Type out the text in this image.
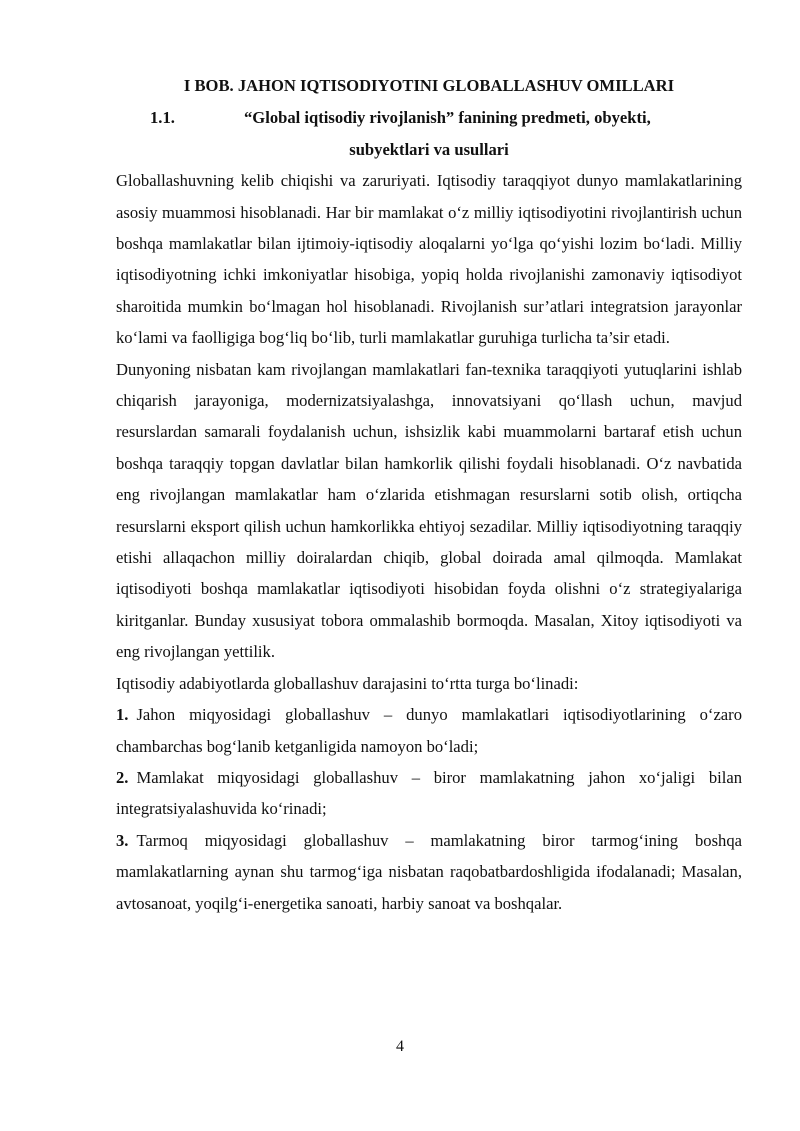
I BOB. JAHON IQTISODIYOTINI GLOBALLASHUV OMILLARI
1.1.	“Global iqtisodiy rivojlanish” fanining predmeti, obyekti,
subyektlari va usullari

Globallashuvning kelib chiqishi va zaruriyati. Iqtisodiy taraqqiyot dunyo mamlakatlarining asosiy muammosi hisoblanadi. Har bir mamlakat o‘z milliy iqtisodiyotini rivojlantirish uchun boshqa mamlakatlar bilan ijtimoiy-iqtisodiy aloqalarni yo‘lga qo‘yishi lozim bo‘ladi. Milliy iqtisodiyotning ichki imkoniyatlar hisobiga, yopiq holda rivojlanishi zamonaviy iqtisodiyot sharoitida mumkin bo‘lmagan hol hisoblanadi. Rivojlanish sur’atlari integratsion jarayonlar ko‘lami va faolligiga bog‘liq bo‘lib, turli mamlakatlar guruhiga turlicha ta’sir etadi.

Dunyoning nisbatan kam rivojlangan mamlakatlari fan-texnika taraqqiyoti yutuqlarini ishlab chiqarish jarayoniga, modernizatsiyalashga, innovatsiyani qo‘llash uchun, mavjud resurslardan samarali foydalanish uchun, ishsizlik kabi muammolarni bartaraf etish uchun boshqa taraqqiy topgan davlatlar bilan hamkorlik qilishi foydali hisoblanadi. O‘z navbatida eng rivojlangan mamlakatlar ham o‘zlarida etishmagan resurslarni sotib olish, ortiqcha resurslarni eksport qilish uchun hamkorlikka ehtiyoj sezadilar. Milliy iqtisodiyotning taraqqiy etishi allaqachon milliy doiralardan chiqib, global doirada amal qilmoqda. Mamlakat iqtisodiyoti boshqa mamlakatlar iqtisodiyoti hisobidan foyda olishni o‘z strategiyalariga kiritganlar. Bunday xususiyat tobora ommalashib bormoqda. Masalan, Xitoy iqtisodiyoti va eng rivojlangan yettilik.

Iqtisodiy adabiyotlarda globallashuv darajasini to‘rtta turga bo‘linadi:

1. Jahon miqyosidagi globallashuv – dunyo mamlakatlari iqtisodiyotlarining o‘zaro chambarchas bog‘lanib ketganligida namoyon bo‘ladi;

2. Mamlakat miqyosidagi globallashuv – biror mamlakatning jahon xo‘jaligi bilan integratsiyalashuvida ko‘rinadi;

3. Tarmoq miqyosidagi globallashuv – mamlakatning biror tarmog‘ining boshqa mamlakatlarning aynan shu tarmog‘iga nisbatan raqobatbardoshligida ifodalanadi; Masalan, avtosanoat, yoqilg‘i-energetika sanoati, harbiy sanoat va boshqalar.

4
